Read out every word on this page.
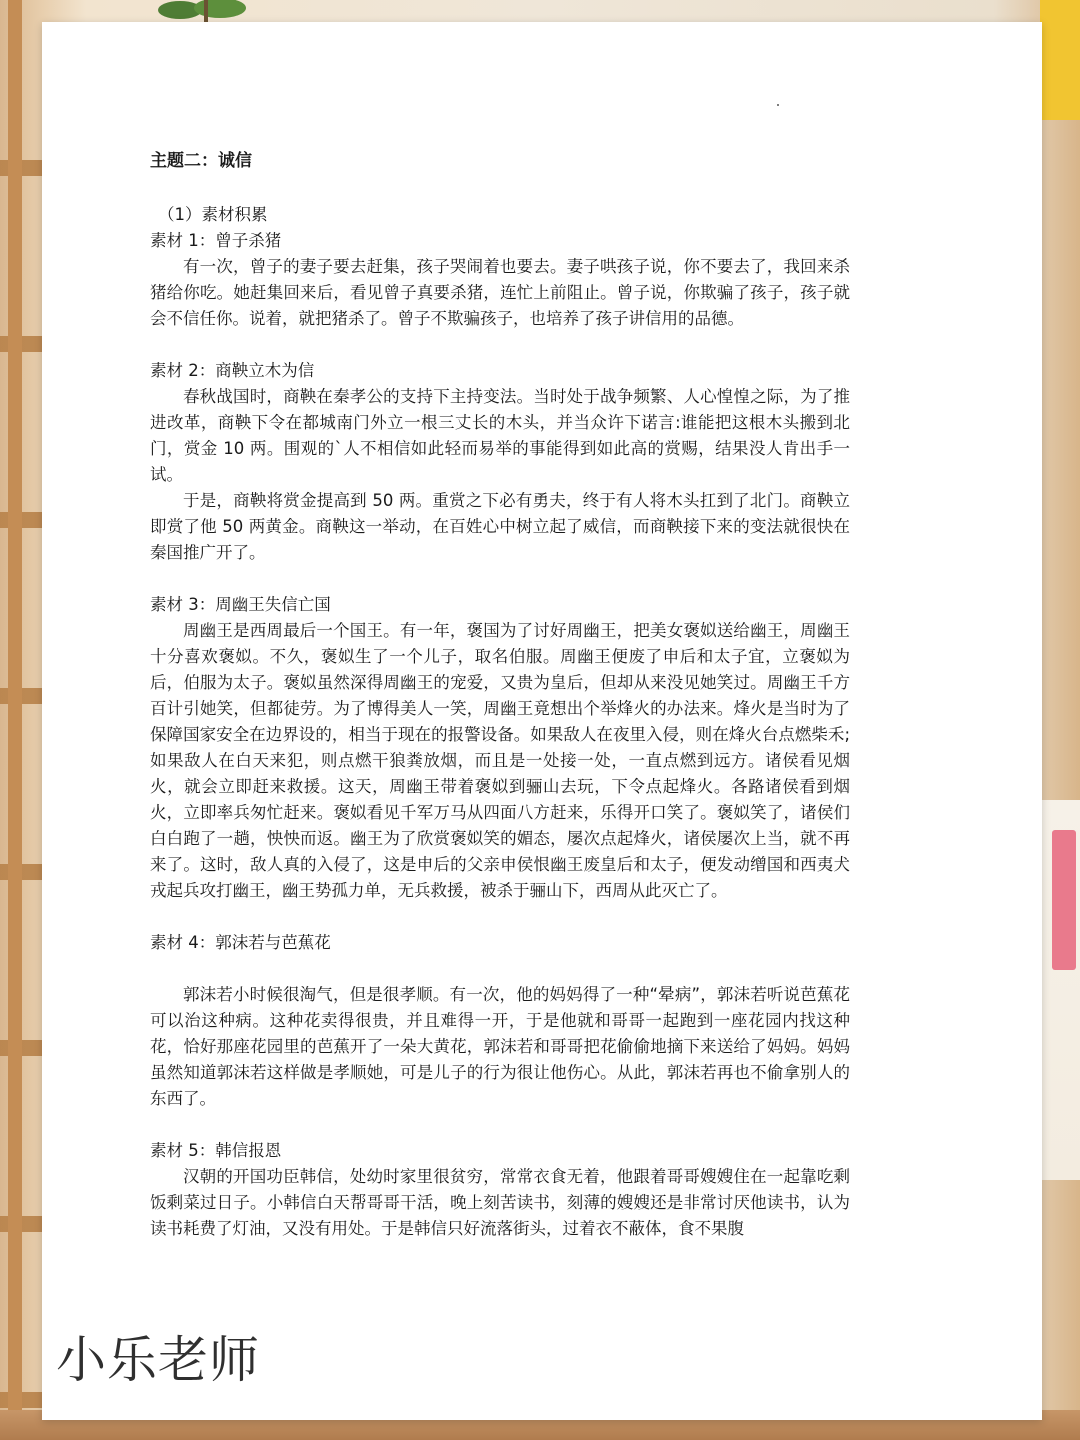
主题二：诚信

（1）素材积累

素材 1：曾子杀猪

有一次，曾子的妻子要去赶集，孩子哭闹着也要去。妻子哄孩子说，你不要去了，我回来杀猪给你吃。她赶集回来后，看见曾子真要杀猪，连忙上前阻止。曾子说，你欺骗了孩子，孩子就会不信任你。说着，就把猪杀了。曾子不欺骗孩子，也培养了孩子讲信用的品德。

素材 2：商鞅立木为信

春秋战国时，商鞅在秦孝公的支持下主持变法。当时处于战争频繁、人心惶惶之际，为了推进改革，商鞅下令在都城南门外立一根三丈长的木头，并当众许下诺言:谁能把这根木头搬到北门，赏金 10 两。围观的`人不相信如此轻而易举的事能得到如此高的赏赐，结果没人肯出手一试。

于是，商鞅将赏金提高到 50 两。重赏之下必有勇夫，终于有人将木头扛到了北门。商鞅立即赏了他 50 两黄金。商鞅这一举动，在百姓心中树立起了威信，而商鞅接下来的变法就很快在秦国推广开了。

素材 3：周幽王失信亡国

周幽王是西周最后一个国王。有一年，褒国为了讨好周幽王，把美女褒姒送给幽王，周幽王十分喜欢褒姒。不久，褒姒生了一个儿子，取名伯服。周幽王便废了申后和太子宜，立褒姒为后，伯服为太子。褒姒虽然深得周幽王的宠爱，又贵为皇后，但却从来没见她笑过。周幽王千方百计引她笑，但都徒劳。为了博得美人一笑，周幽王竟想出个举烽火的办法来。烽火是当时为了保障国家安全在边界设的，相当于现在的报警设备。如果敌人在夜里入侵，则在烽火台点燃柴禾;如果敌人在白天来犯，则点燃干狼粪放烟，而且是一处接一处，一直点燃到远方。诸侯看见烟火，就会立即赶来救援。这天，周幽王带着褒姒到骊山去玩，下令点起烽火。各路诸侯看到烟火，立即率兵匆忙赶来。褒姒看见千军万马从四面八方赶来，乐得开口笑了。褒姒笑了，诸侯们白白跑了一趟，怏怏而返。幽王为了欣赏褒姒笑的媚态，屡次点起烽火，诸侯屡次上当，就不再来了。这时，敌人真的入侵了，这是申后的父亲申侯恨幽王废皇后和太子，便发动缯国和西夷犬戎起兵攻打幽王，幽王势孤力单，无兵救援，被杀于骊山下，西周从此灭亡了。

素材 4：郭沫若与芭蕉花

郭沫若小时候很淘气，但是很孝顺。有一次，他的妈妈得了一种“晕病”，郭沫若听说芭蕉花可以治这种病。这种花卖得很贵，并且难得一开，于是他就和哥哥一起跑到一座花园内找这种花，恰好那座花园里的芭蕉开了一朵大黄花，郭沫若和哥哥把花偷偷地摘下来送给了妈妈。妈妈虽然知道郭沫若这样做是孝顺她，可是儿子的行为很让他伤心。从此，郭沫若再也不偷拿别人的东西了。

素材 5：韩信报恩

汉朝的开国功臣韩信，处幼时家里很贫穷，常常衣食无着，他跟着哥哥嫂嫂住在一起靠吃剩饭剩菜过日子。小韩信白天帮哥哥干活，晚上刻苦读书，刻薄的嫂嫂还是非常讨厌他读书，认为读书耗费了灯油，又没有用处。于是韩信只好流落街头，过着衣不蔽体，食不果腹

小乐老师
